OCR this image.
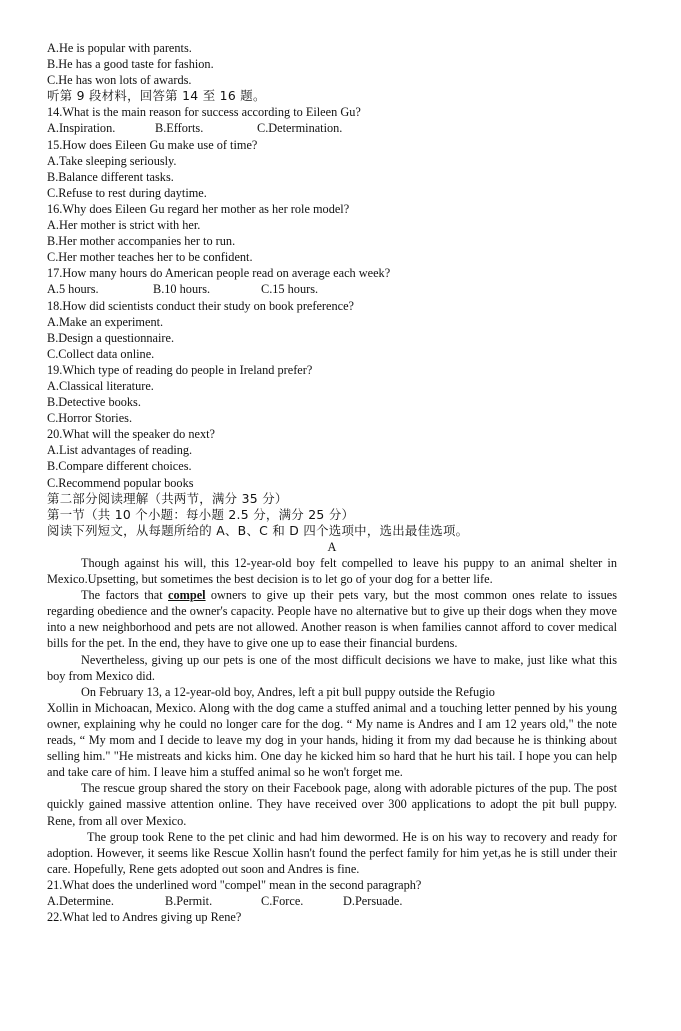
A.He is popular with parents.
B.He has a good taste for fashion.
C.He has won lots of awards.
听第 9 段材料，回答第 14 至 16 题。
14.What is the main reason for success according to Eileen Gu?
A.Inspiration.	B.Efforts.	C.Determination.
15.How does Eileen Gu make use of time?
A.Take sleeping seriously.
B.Balance different tasks.
C.Refuse to rest during daytime.
16.Why does Eileen Gu regard her mother as her role model?
A.Her mother is strict with her.
B.Her mother accompanies her to run.
C.Her mother teaches her to be confident.
17.How many hours do American people read on average each week?
A.5 hours.	B.10 hours.	C.15 hours.
18.How did scientists conduct their study on book preference?
A.Make an experiment.
B.Design a questionnaire.
C.Collect data online.
19.Which type of reading do people in Ireland prefer?
A.Classical literature.
B.Detective books.
C.Horror Stories.
20.What will the speaker do next?
A.List advantages of reading.
B.Compare different choices.
C.Recommend popular books
第二部分阅读理解（共两节，满分 35 分）
第一节（共 10 个小题：每小题 2.5 分，满分 25 分）
阅读下列短文，从每题所给的 A、B、C 和 D 四个选项中，选出最佳选项。
A
Though against his will, this 12-year-old boy felt compelled to leave his puppy to an animal shelter in Mexico.Upsetting, but sometimes the best decision is to let go of your dog for a better life.
The factors that compel owners to give up their pets vary, but the most common ones relate to issues regarding obedience and the owner's capacity. People have no alternative but to give up their dogs when they move into a new neighborhood and pets are not allowed. Another reason is when families cannot afford to cover medical bills for the pet. In the end, they have to give one up to ease their financial burdens.
Nevertheless, giving up our pets is one of the most difficult decisions we have to make, just like what this boy from Mexico did.
On February 13, a 12-year-old boy, Andres, left a pit bull puppy outside the Refugio
Xollin in Michoacan, Mexico. Along with the dog came a stuffed animal and a touching letter penned by his young owner, explaining why he could no longer care for the dog. “ My name is Andres and I am 12 years old," the note reads, “ My mom and I decide to leave my dog in your hands, hiding it from my dad because he is thinking about selling him." "He mistreats and kicks him. One day he kicked him so hard that he hurt his tail. I hope you can help and take care of him. I leave him a stuffed animal so he won't forget me.
The rescue group shared the story on their Facebook page, along with adorable pictures of the pup. The post quickly gained massive attention online. They have received over 300 applications to adopt the pit bull puppy. Rene, from all over Mexico.
The group took Rene to the pet clinic and had him dewormed. He is on his way to recovery and ready for adoption. However, it seems like Rescue Xollin hasn't found the perfect family for him yet,as he is still under their care. Hopefully, Rene gets adopted out soon and Andres is fine.
21.What does the underlined word "compel" mean in the second paragraph?
A.Determine.	B.Permit.	C.Force.	D.Persuade.
22.What led to Andres giving up Rene?
